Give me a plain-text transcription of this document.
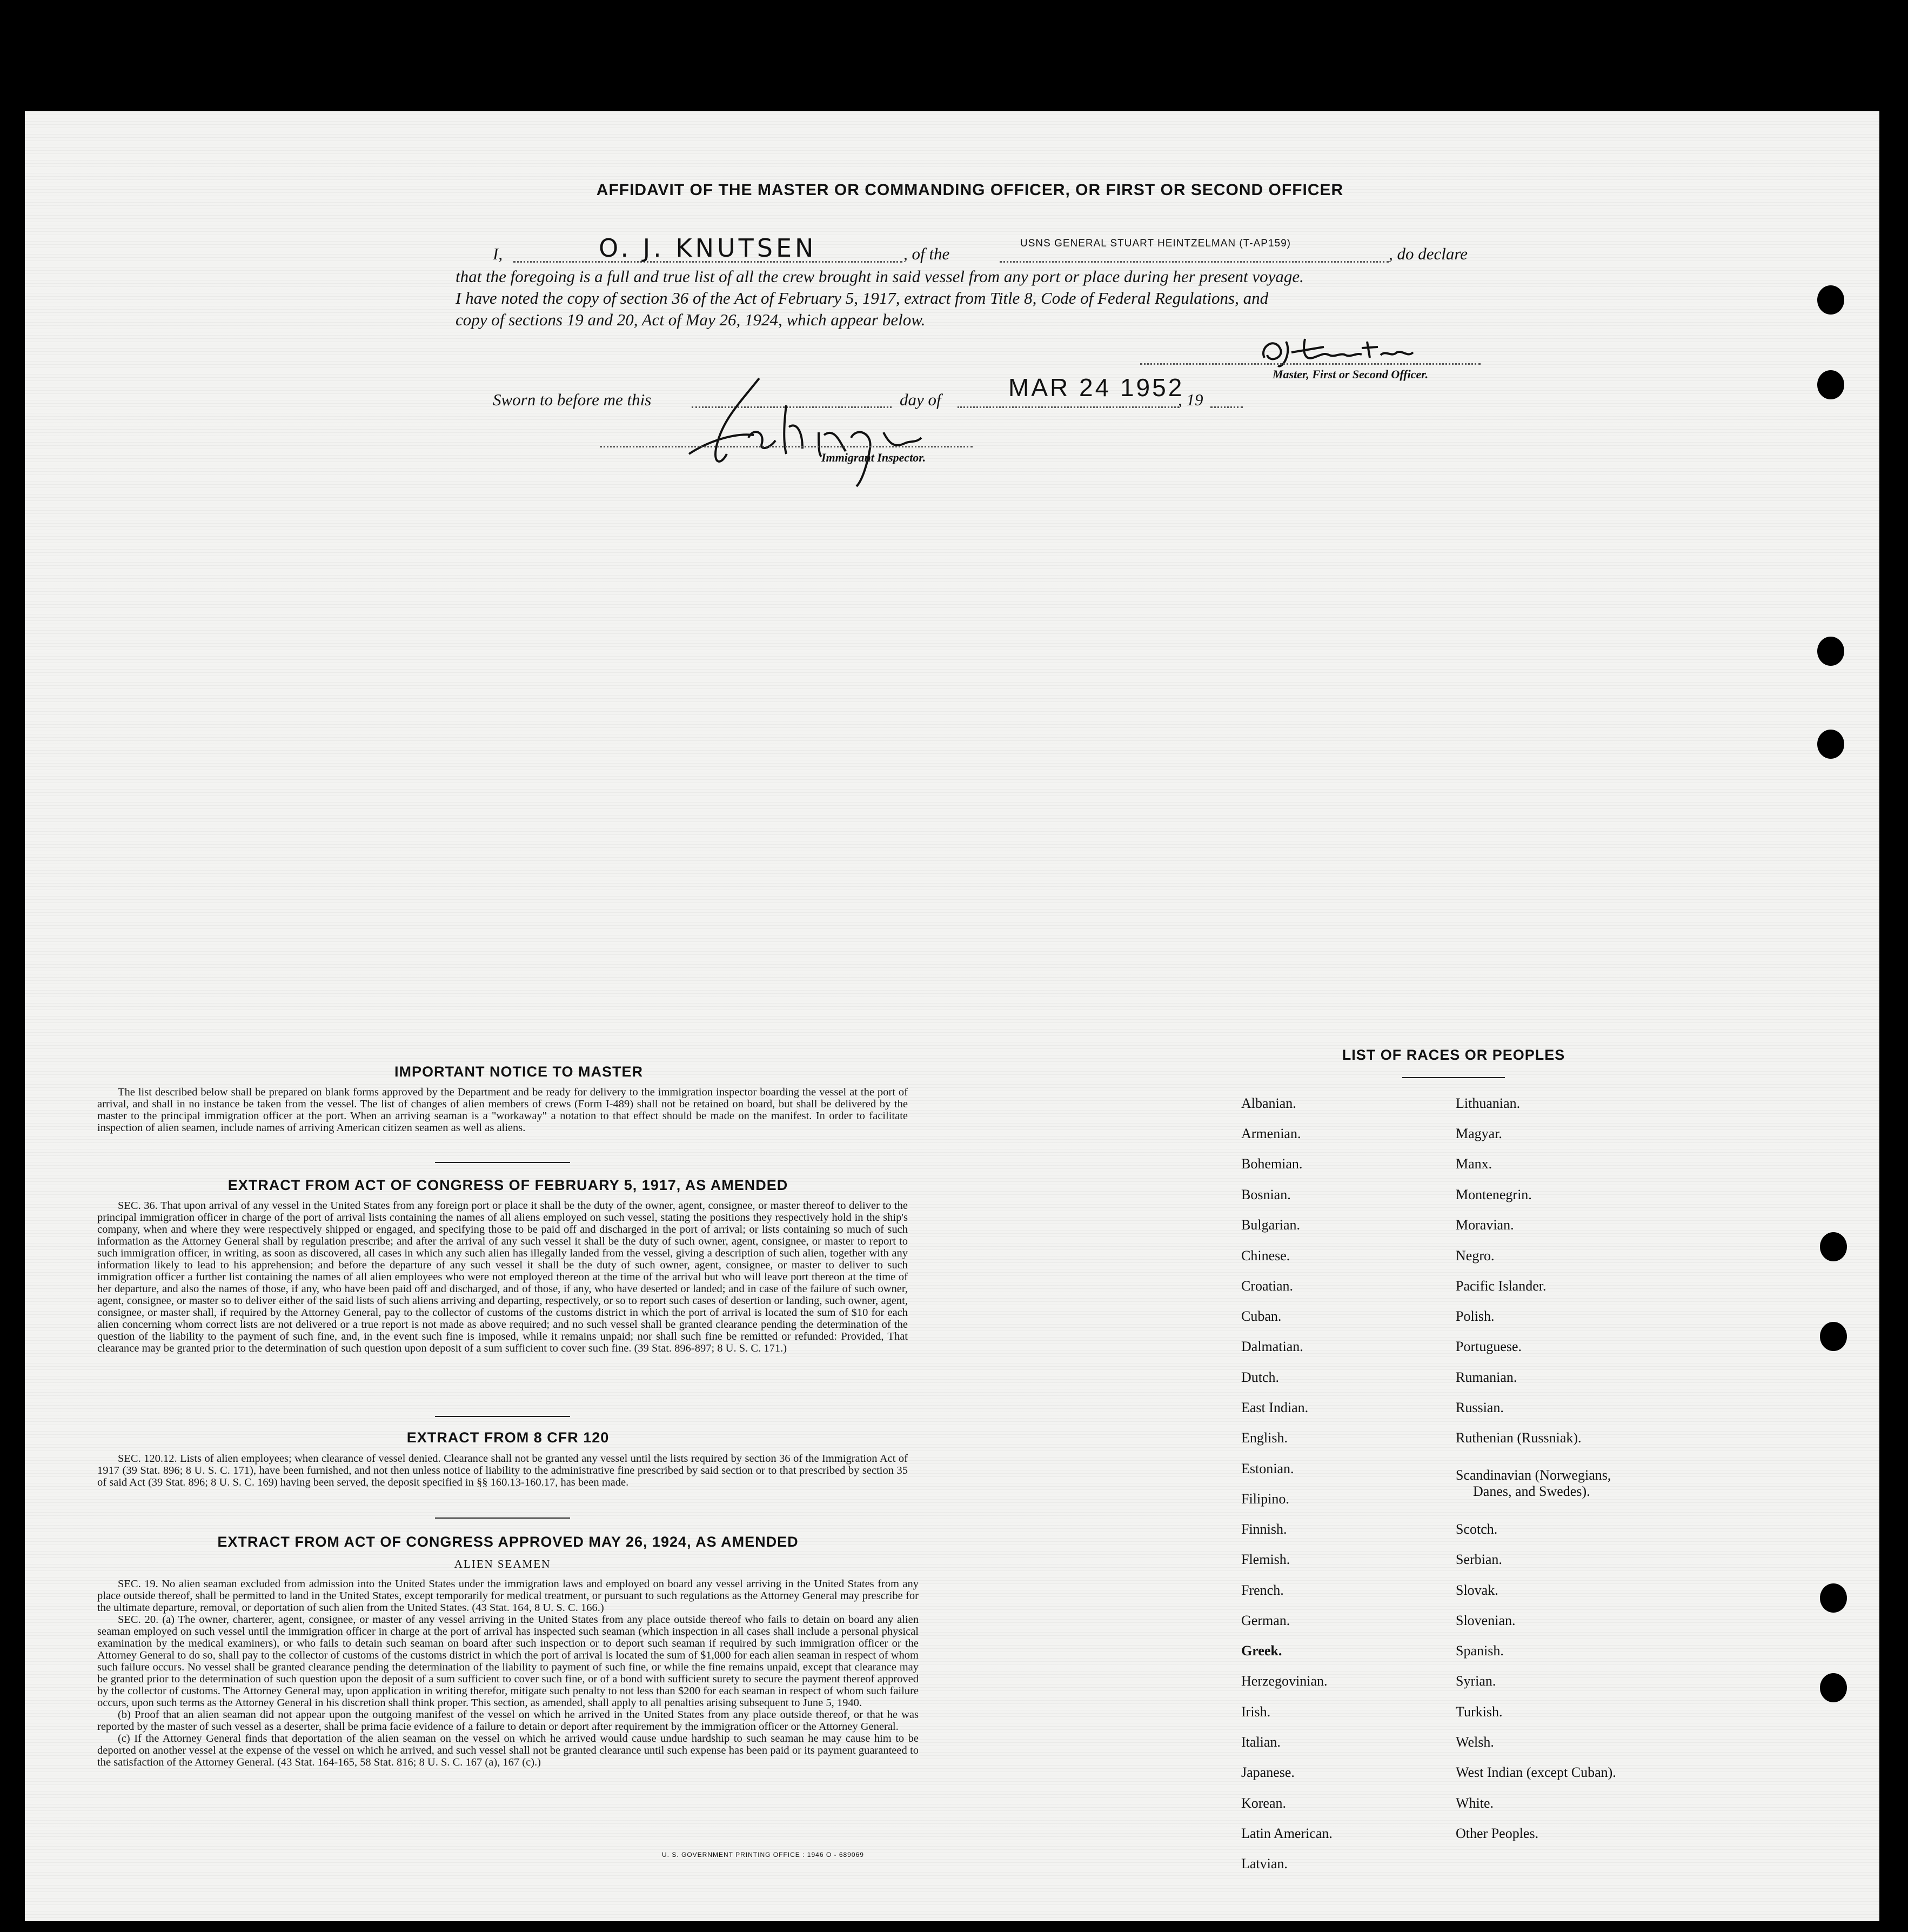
AFFIDAVIT OF THE MASTER OR COMMANDING OFFICER, OR FIRST OR SECOND OFFICER
I,	O. J. KNUTSEN	, of the
USNS GENERAL STUART HEINTZELMAN (T-AP159)
, do declare
that the foregoing is a full and true list of all the crew brought in said vessel from any port or place during her present voyage.
I have noted the copy of section 36 of the Act of February 5, 1917, extract from Title 8, Code of Federal Regulations, and
copy of sections 19 and 20, Act of May 26, 1924, which appear below.
Master, First or Second Officer.
Sworn to before me this	day of	MAR 24 1952
, 19
Immigrant Inspector.
IMPORTANT NOTICE TO MASTER

The list described below shall be prepared on blank forms approved by the Department and be ready for delivery to the immigration inspector boarding the vessel at the port of arrival, and shall in no instance be taken from the vessel. The list of changes of alien members of crews (Form I-489) shall not be retained on board, but shall be delivered by the master to the principal immigration officer at the port. When an arriving seaman is a "workaway" a notation to that effect should be made on the manifest. In order to facilitate inspection of alien seamen, include names of arriving American citizen seamen as well as aliens.

EXTRACT FROM ACT OF CONGRESS OF FEBRUARY 5, 1917, AS AMENDED

SEC. 36. That upon arrival of any vessel in the United States from any foreign port or place it shall be the duty of the owner, agent, consignee, or master thereof to deliver to the principal immigration officer in charge of the port of arrival lists containing the names of all aliens employed on such vessel, stating the positions they respectively hold in the ship's company, when and where they were respectively shipped or engaged, and specifying those to be paid off and discharged in the port of arrival; or lists containing so much of such information as the Attorney General shall by regulation prescribe; and after the arrival of any such vessel it shall be the duty of such owner, agent, consignee, or master to report to such immigration officer, in writing, as soon as discovered, all cases in which any such alien has illegally landed from the vessel, giving a description of such alien, together with any information likely to lead to his apprehension; and before the departure of any such vessel it shall be the duty of such owner, agent, consignee, or master to deliver to such immigration officer a further list containing the names of all alien employees who were not employed thereon at the time of the arrival but who will leave port thereon at the time of her departure, and also the names of those, if any, who have been paid off and discharged, and of those, if any, who have deserted or landed; and in case of the failure of such owner, agent, consignee, or master so to deliver either of the said lists of such aliens arriving and departing, respectively, or so to report such cases of desertion or landing, such owner, agent, consignee, or master shall, if required by the Attorney General, pay to the collector of customs of the customs district in which the port of arrival is located the sum of $10 for each alien concerning whom correct lists are not delivered or a true report is not made as above required; and no such vessel shall be granted clearance pending the determination of the question of the liability to the payment of such fine, and, in the event such fine is imposed, while it remains unpaid; nor shall such fine be remitted or refunded: Provided, That clearance may be granted prior to the determination of such question upon deposit of a sum sufficient to cover such fine. (39 Stat. 896-897; 8 U. S. C. 171.)

EXTRACT FROM 8 CFR 120

SEC. 120.12. Lists of alien employees; when clearance of vessel denied. Clearance shall not be granted any vessel until the lists required by section 36 of the Immigration Act of 1917 (39 Stat. 896; 8 U. S. C. 171), have been furnished, and not then unless notice of liability to the administrative fine prescribed by said section or to that prescribed by section 35 of said Act (39 Stat. 896; 8 U. S. C. 169) having been served, the deposit specified in §§ 160.13-160.17, has been made.

EXTRACT FROM ACT OF CONGRESS APPROVED MAY 26, 1924, AS AMENDED
ALIEN SEAMEN

SEC. 19. No alien seaman excluded from admission into the United States under the immigration laws and employed on board any vessel arriving in the United States from any place outside thereof, shall be permitted to land in the United States, except temporarily for medical treatment, or pursuant to such regulations as the Attorney General may prescribe for the ultimate departure, removal, or deportation of such alien from the United States. (43 Stat. 164, 8 U. S. C. 166.)

SEC. 20. (a) The owner, charterer, agent, consignee, or master of any vessel arriving in the United States from any place outside thereof who fails to detain on board any alien seaman employed on such vessel until the immigration officer in charge at the port of arrival has inspected such seaman (which inspection in all cases shall include a personal physical examination by the medical examiners), or who fails to detain such seaman on board after such inspection or to deport such seaman if required by such immigration officer or the Attorney General to do so, shall pay to the collector of customs of the customs district in which the port of arrival is located the sum of $1,000 for each alien seaman in respect of whom such failure occurs. No vessel shall be granted clearance pending the determination of the liability to payment of such fine, or while the fine remains unpaid, except that clearance may be granted prior to the determination of such question upon the deposit of a sum sufficient to cover such fine, or of a bond with sufficient surety to secure the payment thereof approved by the collector of customs. The Attorney General may, upon application in writing therefor, mitigate such penalty to not less than $200 for each seaman in respect of whom such failure occurs, upon such terms as the Attorney General in his discretion shall think proper. This section, as amended, shall apply to all penalties arising subsequent to June 5, 1940.

(b) Proof that an alien seaman did not appear upon the outgoing manifest of the vessel on which he arrived in the United States from any place outside thereof, or that he was reported by the master of such vessel as a deserter, shall be prima facie evidence of a failure to detain or deport after requirement by the immigration officer or the Attorney General.

(c) If the Attorney General finds that deportation of the alien seaman on the vessel on which he arrived would cause undue hardship to such seaman he may cause him to be deported on another vessel at the expense of the vessel on which he arrived, and such vessel shall not be granted clearance until such expense has been paid or its payment guaranteed to the satisfaction of the Attorney General. (43 Stat. 164-165, 58 Stat. 816; 8 U. S. C. 167 (a), 167 (c).)

U. S. GOVERNMENT PRINTING OFFICE : 1946 O - 689069
LIST OF RACES OR PEOPLES
Albanian.
Armenian.
Bohemian.
Bosnian.
Bulgarian.
Chinese.
Croatian.
Cuban.
Dalmatian.
Dutch.
East Indian.
English.
Estonian.
Filipino.
Finnish.
Flemish.
French.
German.
Greek.
Herzegovinian.
Irish.
Italian.
Japanese.
Korean.
Latin American.
Latvian.
Lithuanian.
Magyar.
Manx.
Montenegrin.
Moravian.
Negro.
Pacific Islander.
Polish.
Portuguese.
Rumanian.
Russian.
Ruthenian (Russniak).
Scandinavian (Norwegians,
Danes, and Swedes).
Scotch.
Serbian.
Slovak.
Slovenian.
Spanish.
Syrian.
Turkish.
Welsh.
West Indian (except Cuban).
White.
Other Peoples.
